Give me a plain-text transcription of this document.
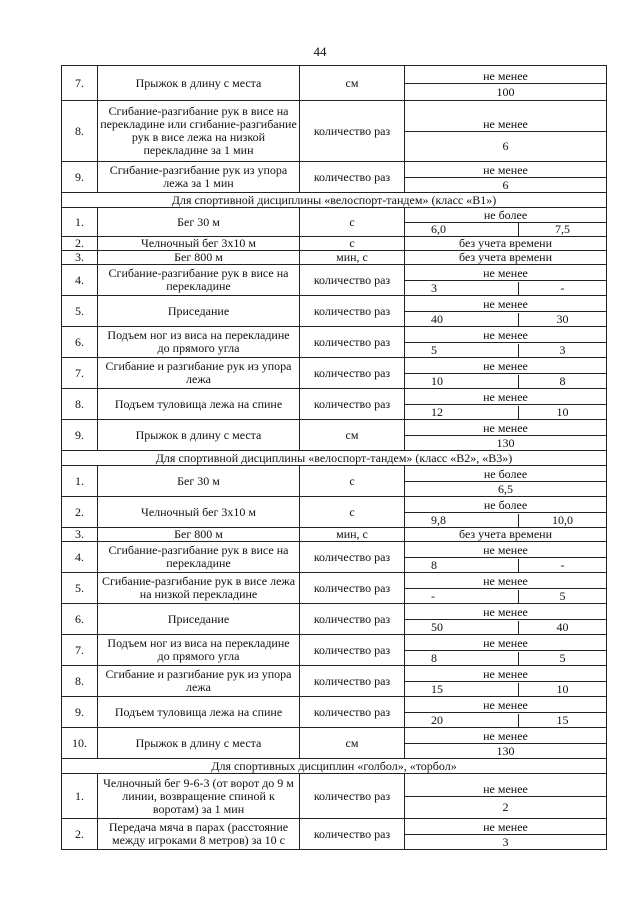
44
7.	Прыжок в длину с места	см	не менее
100

8.	Сгибание-разгибание рук в висе на перекладине или сгибание-разгибание рук в висе лежа на низкой перекладине за 1 мин	количество раз	не менее
6

9.	Сгибание-разгибание рук из упора лежа за 1 мин	количество раз	не менее
6

Для спортивной дисциплины «велоспорт-тандем» (класс «В1»)			
1.	Бег 30 м	с	не более
6,0 7,5

2.	Челночный бег 3х10 м	с	без учета времени
3.	Бег 800 м	мин, с	без учета времени
4.	Сгибание-разгибание рук в висе на перекладине	количество раз	не менее
3 -

5.	Приседание	количество раз	не менее
40 30

6.	Подъем ног из виса на перекладине до прямого угла	количество раз	не менее
5 3

7.	Сгибание и разгибание рук из упора лежа	количество раз	не менее
10 8

8.	Подъем туловища лежа на спине	количество раз	не менее
12 10

9.	Прыжок в длину с места	см	не менее
130

Для спортивной дисциплины «велоспорт-тандем» (класс «В2», «В3»)			
1.	Бег 30 м	с	не более
6,5

2.	Челночный бег 3х10 м	с	не более
9,8 10,0

3.	Бег 800 м	мин, с	без учета времени
4.	Сгибание-разгибание рук в висе на перекладине	количество раз	не менее
8 -

5.	Сгибание-разгибание рук в висе лежа на низкой перекладине	количество раз	не менее
- 5

6.	Приседание	количество раз	не менее
50 40

7.	Подъем ног из виса на перекладине до прямого угла	количество раз	не менее
8 5

8.	Сгибание и разгибание рук из упора лежа	количество раз	не менее
15 10

9.	Подъем туловища лежа на спине	количество раз	не менее
20 15

10.	Прыжок в длину с места	см	не менее
130

Для спортивных дисциплин «голбол», «торбол»			
1.	Челночный бег 9-6-3 (от ворот до 9 м линии, возвращение спиной к воротам) за 1 мин	количество раз	не менее
2

2.	Передача мяча в парах (расстояние между игроками 8 метров) за 10 с	количество раз	не менее
3
